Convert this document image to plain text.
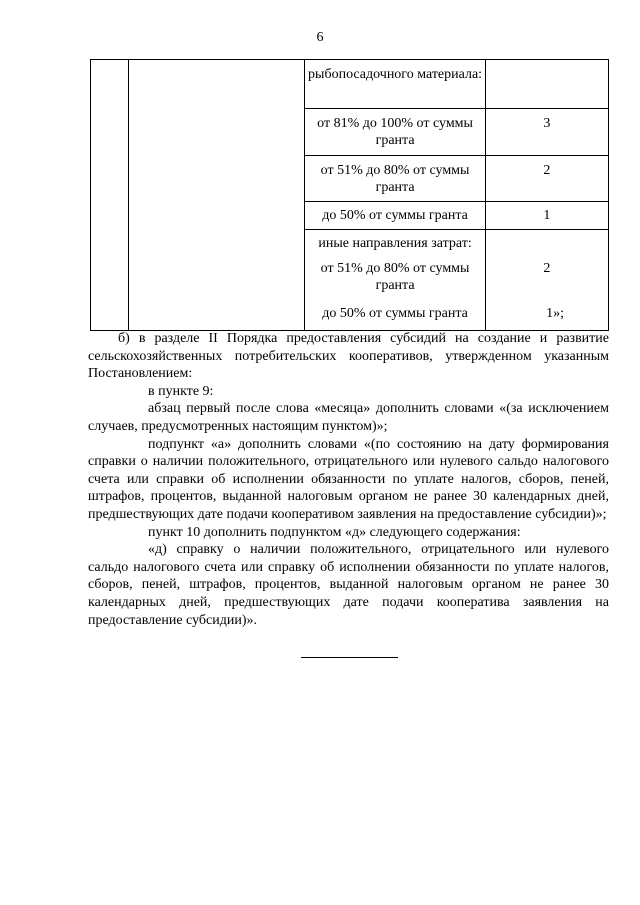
6
		рыбопосадочного материала:	
		от 81% до 100% от суммы гранта	3
		от 51% до 80% от суммы гранта	2
		до 50% от суммы гранта	1
		иные направления затрат:	
		от 51% до 80% от суммы гранта	2
		до 50% от суммы гранта	1»;

б) в разделе II Порядка предоставления субсидий на создание и развитие сельскохозяйственных потребительских кооперативов, утвержденном указанным Постановлением:

в пункте 9:

абзац первый после слова «месяца» дополнить словами «(за исключением случаев, предусмотренных настоящим пунктом)»;

подпункт «а» дополнить словами «(по состоянию на дату формирования справки о наличии положительного, отрицательного или нулевого сальдо налогового счета или справки об исполнении обязанности по уплате налогов, сборов, пеней, штрафов, процентов, выданной налоговым органом не ранее 30 календарных дней, предшествующих дате подачи кооперативом заявления на предоставление субсидии)»;

пункт 10 дополнить подпунктом «д» следующего содержания:

«д) справку о наличии положительного, отрицательного или нулевого сальдо налогового счета или справку об исполнении обязанности по уплате налогов, сборов, пеней, штрафов, процентов, выданной налоговым органом не ранее 30 календарных дней, предшествующих дате подачи кооператива заявления на предоставление субсидии)».
